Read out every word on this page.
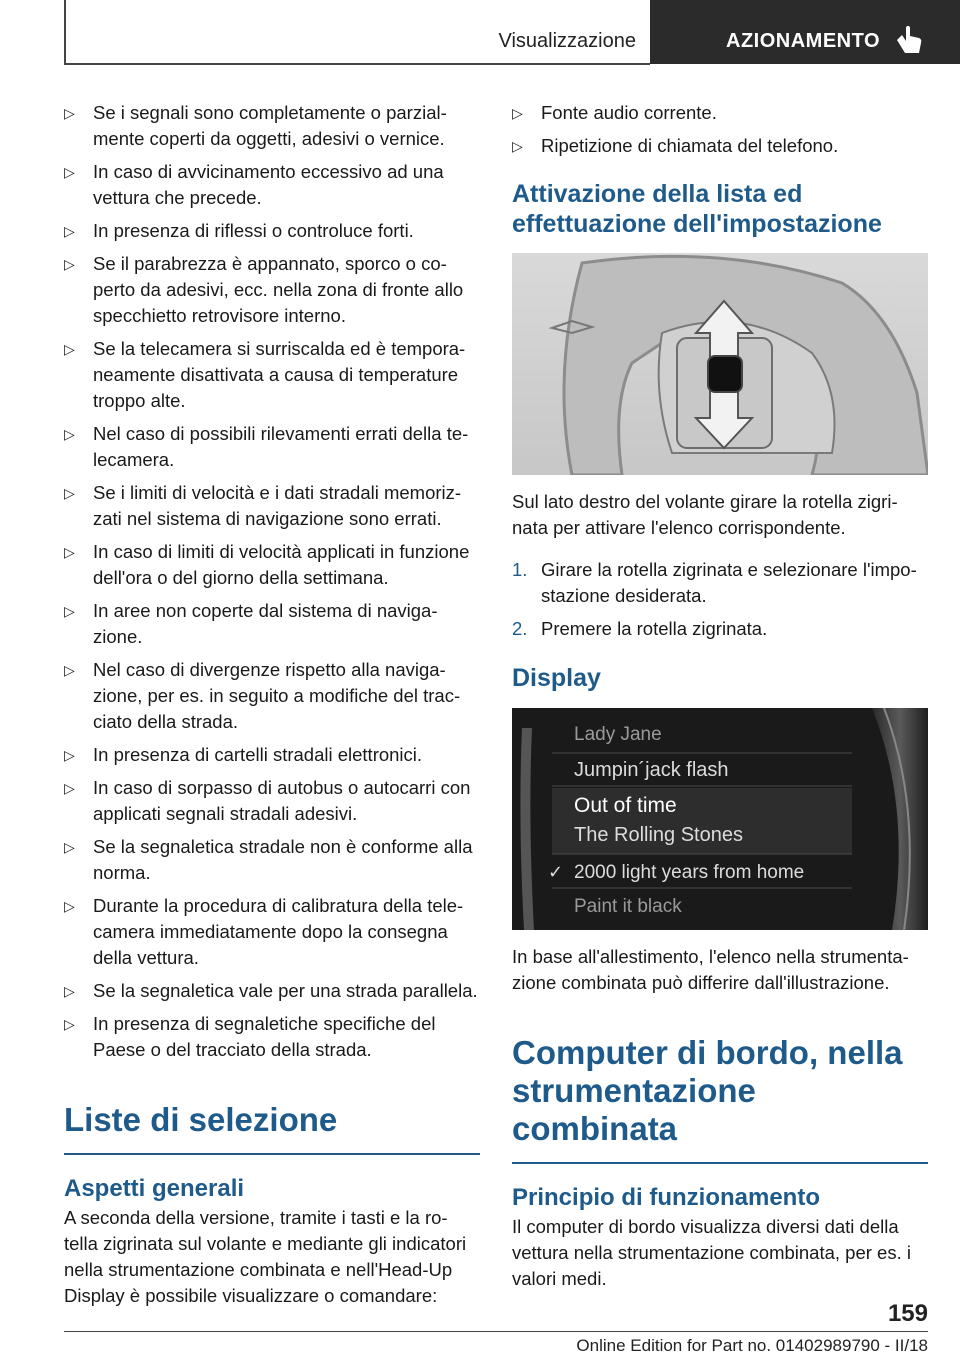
Visualizzazione	AZIONAMENTO
▷ Se i segnali sono completamente o parzial-
mente coperti da oggetti, adesivi o vernice.
▷ In caso di avvicinamento eccessivo ad una
vettura che precede.
▷ In presenza di riflessi o controluce forti.
▷ Se il parabrezza è appannato, sporco o co-
perto da adesivi, ecc. nella zona di fronte allo
specchietto retrovisore interno.
▷ Se la telecamera si surriscalda ed è tempora-
neamente disattivata a causa di temperature
troppo alte.
▷ Nel caso di possibili rilevamenti errati della te-
lecamera.
▷ Se i limiti di velocità e i dati stradali memoriz-
zati nel sistema di navigazione sono errati.
▷ In caso di limiti di velocità applicati in funzione
dell'ora o del giorno della settimana.
▷ In aree non coperte dal sistema di naviga-
zione.
▷ Nel caso di divergenze rispetto alla naviga-
zione, per es. in seguito a modifiche del trac-
ciato della strada.
▷ In presenza di cartelli stradali elettronici.
▷ In caso di sorpasso di autobus o autocarri con
applicati segnali stradali adesivi.
▷ Se la segnaletica stradale non è conforme alla
norma.
▷ Durante la procedura di calibratura della tele-
camera immediatamente dopo la consegna
della vettura.
▷ Se la segnaletica vale per una strada parallela.
▷ In presenza di segnaletiche specifiche del
Paese o del tracciato della strada.
Liste di selezione
Aspetti generali

A seconda della versione, tramite i tasti e la ro-
tella zigrinata sul volante e mediante gli indicatori
nella strumentazione combinata e nell'Head-Up
Display è possibile visualizzare o comandare:

▷ Fonte audio corrente.
▷ Ripetizione di chiamata del telefono.
Attivazione della lista ed
effettuazione dell'impostazione

Sul lato destro del volante girare la rotella zigri-
nata per attivare l'elenco corrispondente.

1. Girare la rotella zigrinata e selezionare l'impo-
stazione desiderata.
2. Premere la rotella zigrinata.
Display
Lady Jane
Jumpin´jack flash
Out of time
The Rolling Stones
✓ 2000 light years from home
Paint it black

In base all'allestimento, l'elenco nella strumenta-
zione combinata può differire dall'illustrazione.

Computer di bordo, nella
strumentazione combinata
Principio di funzionamento

Il computer di bordo visualizza diversi dati della
vettura nella strumentazione combinata, per es. i
valori medi.

159
Online Edition for Part no. 01402989790 - II/18
